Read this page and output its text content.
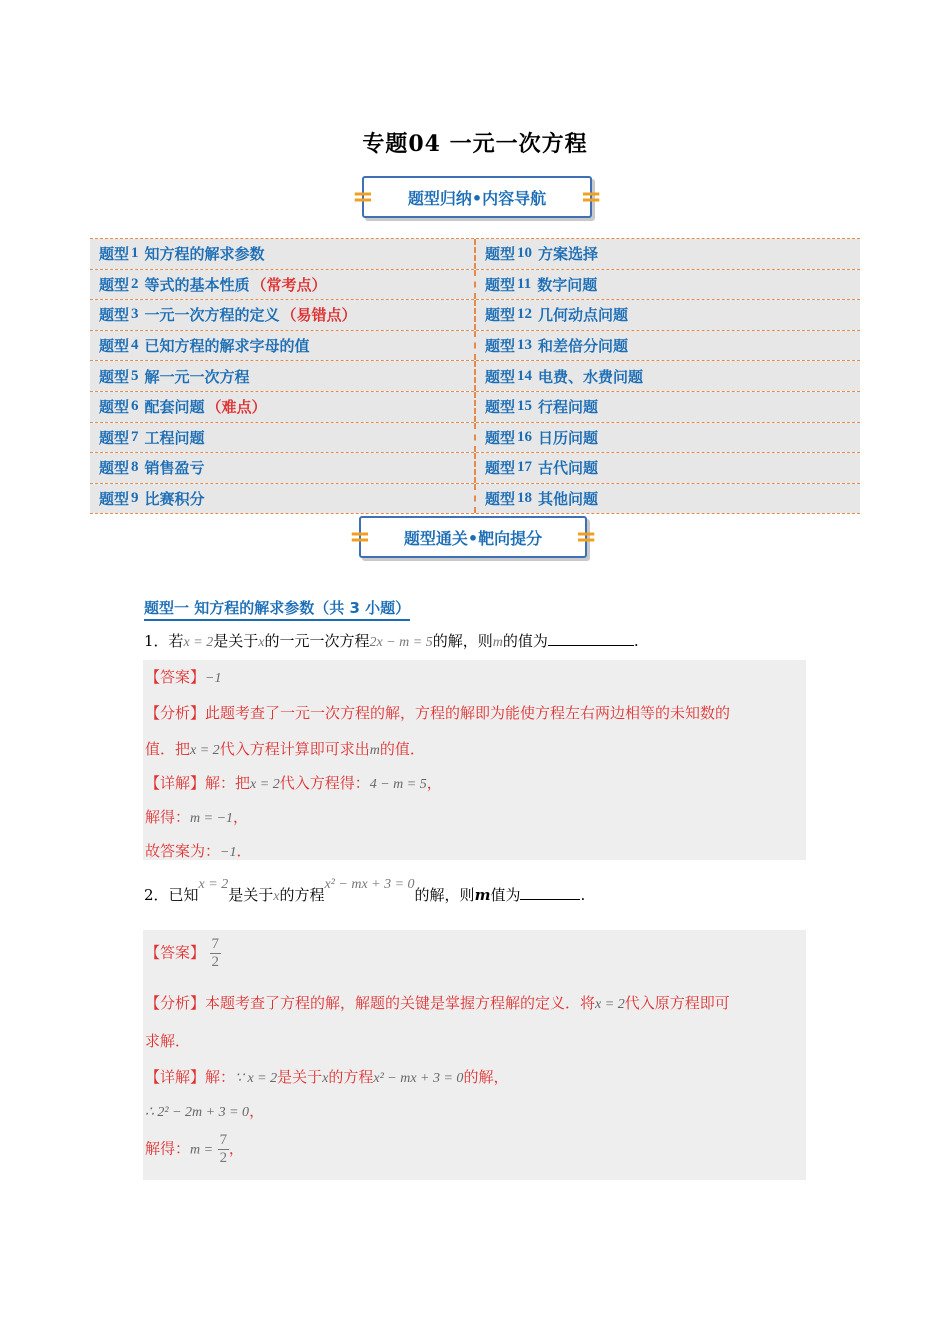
专题04 一元一次方程
= 题型归纳•内容导航 =
题型 1 知方程的解求参数	题型 10 方案选择
题型 2 等式的基本性质 （常考点）	题型 11 数字问题
题型 3 一元一次方程的定义 （易错点）	题型 12 几何动点问题
题型 4 已知方程的解求字母的值	题型 13 和差倍分问题
题型 5 解一元一次方程	题型 14 电费、水费问题
题型 6 配套问题 （难点）	题型 15 行程问题
题型 7 工程问题	题型 16 日历问题
题型 8 销售盈亏	题型 17 古代问题
题型 9 比赛积分	题型 18 其他问题
= 题型通关•靶向提分 =
题型一 知方程的解求参数（共 3 小题）
1．若x = 2是关于x的一元一次方程2x − m = 5的解，则m的值为	.
【答案】−1
【分析】此题考查了一元一次方程的解，方程的解即为能使方程左右两边相等的未知数的
值．把x = 2代入方程计算即可求出m的值．
【详解】解：把x = 2代入方程得：4 − m = 5，
解得：m = −1，
故答案为：−1．
2．已知x = 2是关于x的方程x² − mx + 3 = 0的解，则m值为	.
【答案】 $\frac{7}{2}$
【分析】本题考查了方程的解，解题的关键是掌握方程解的定义．将x = 2代入原方程即可
求解．
【详解】解：∵ x = 2是关于x的方程x² − mx + 3 = 0的解，
∴ 2² − 2m + 3 = 0，
解得：$m = \frac{7}{2}$ ，
